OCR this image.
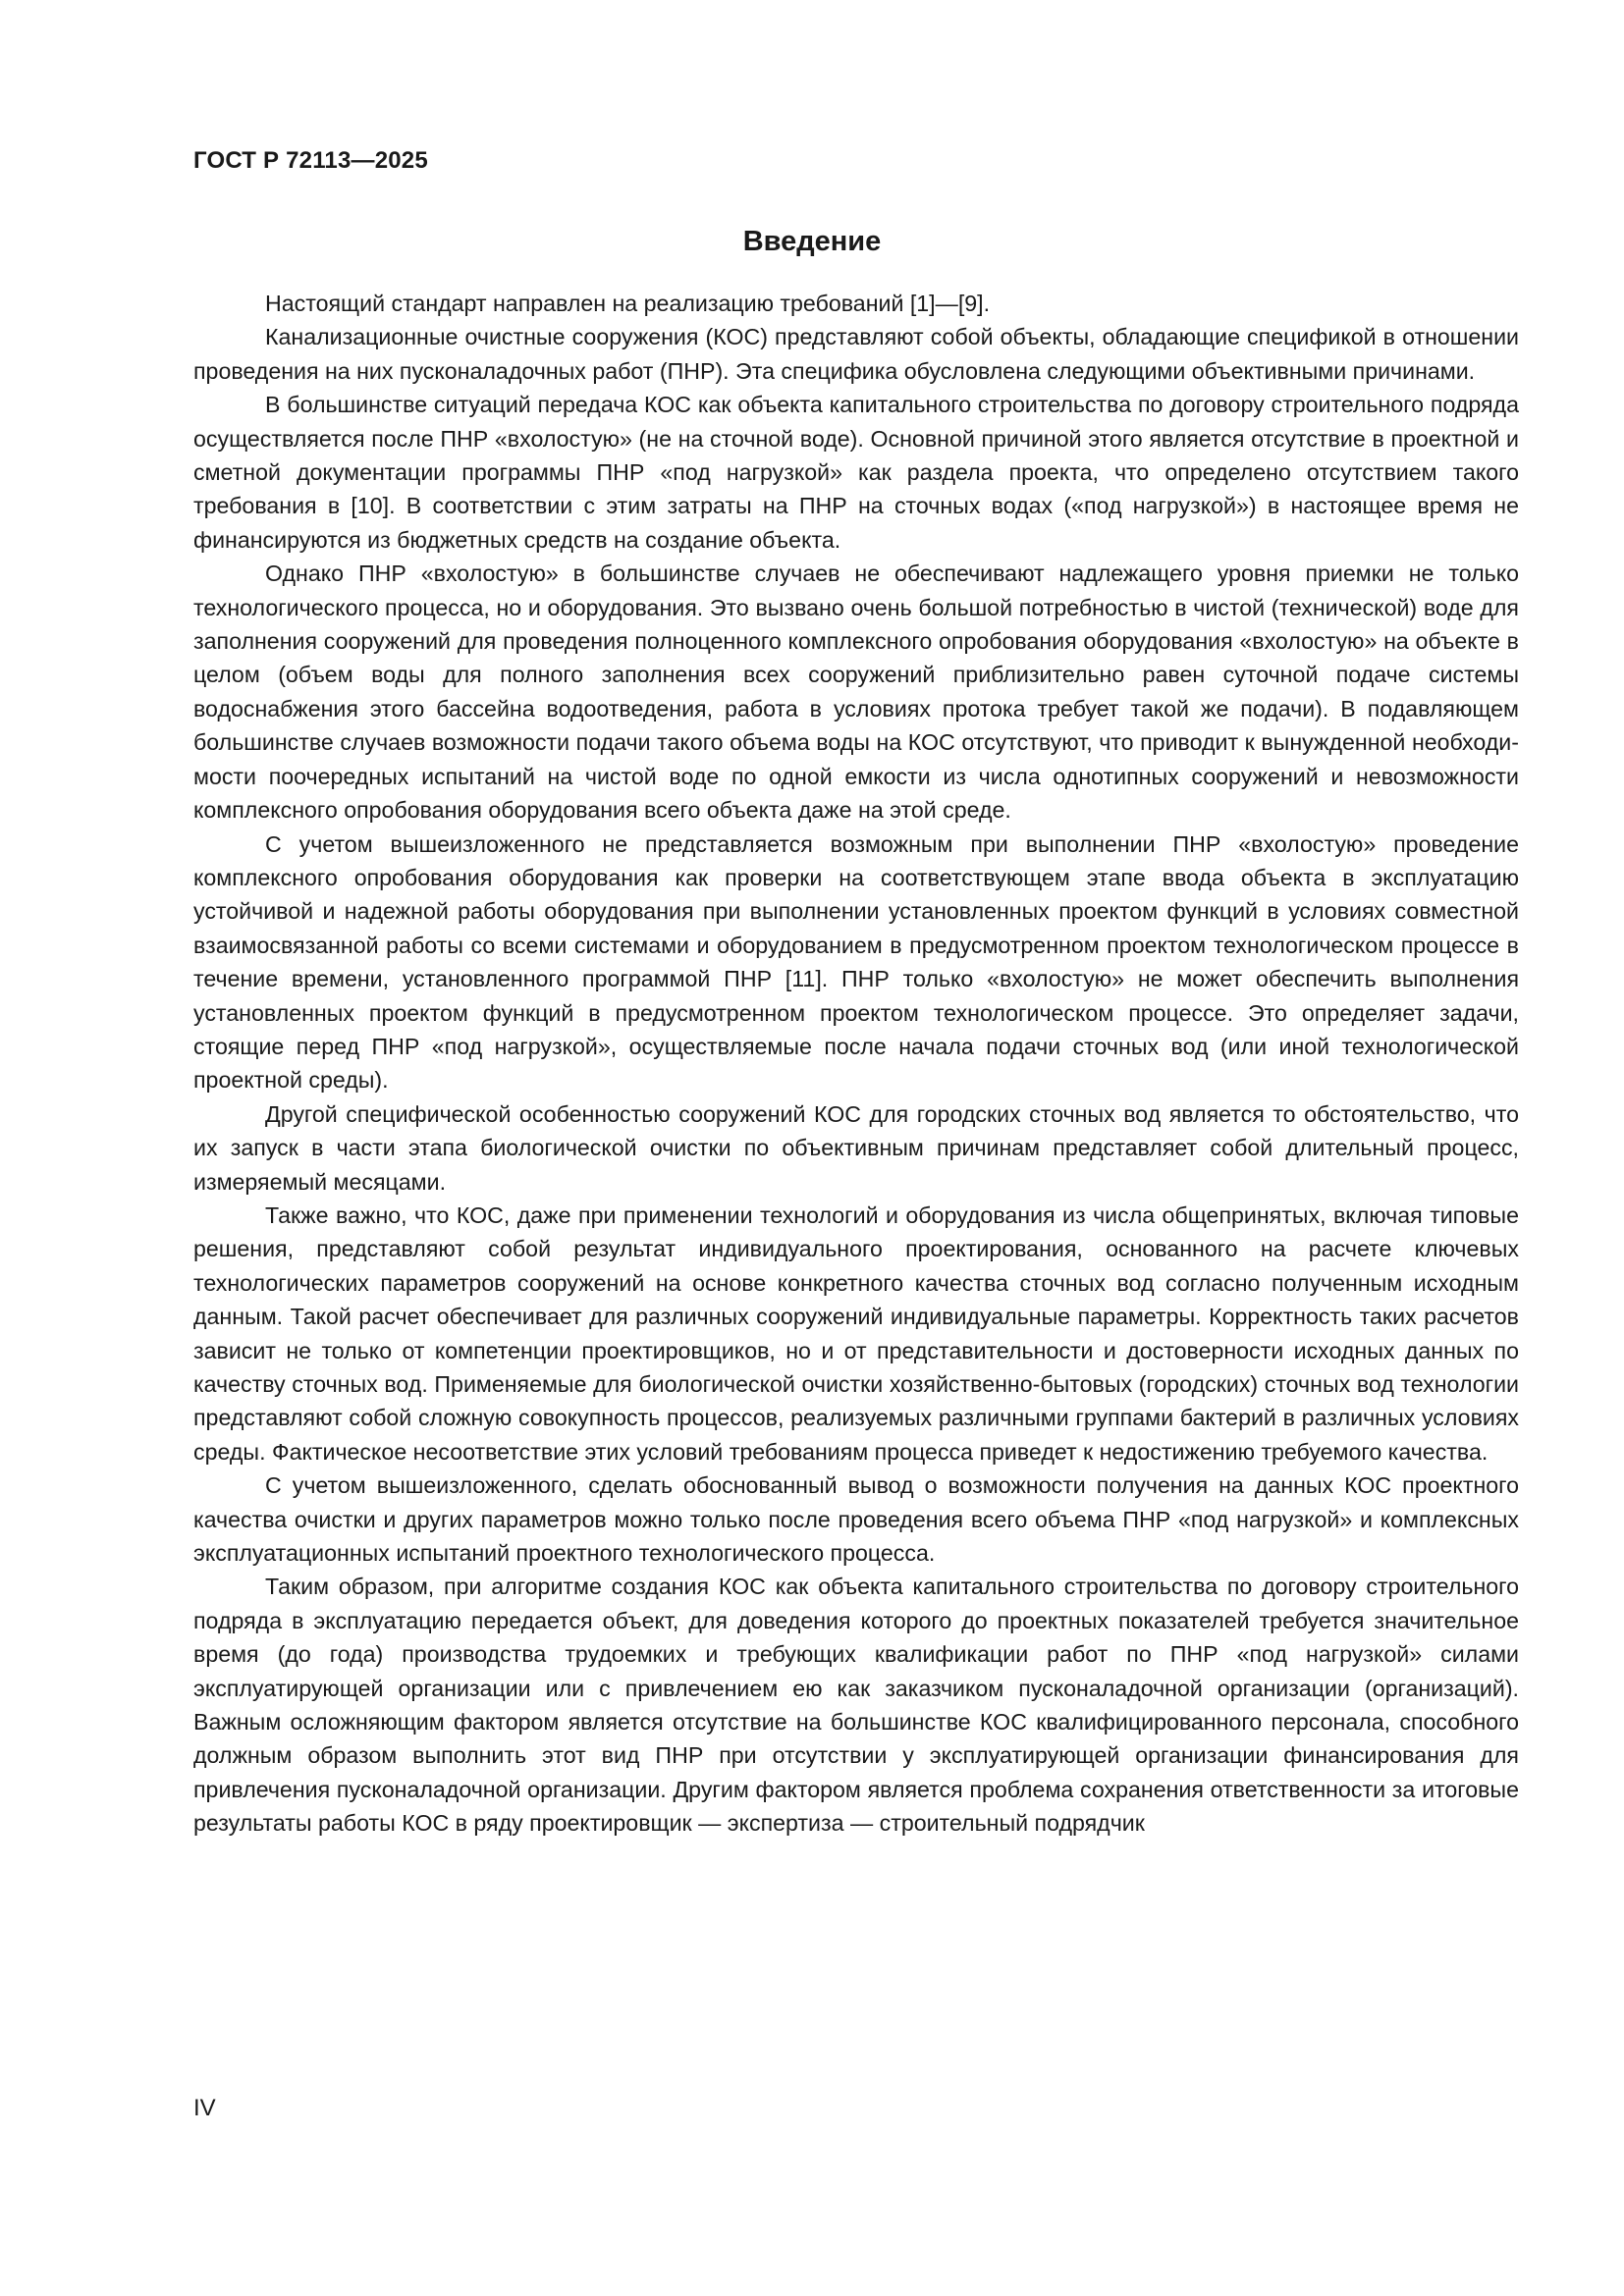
ГОСТ Р 72113—2025
Введение

Настоящий стандарт направлен на реализацию требований [1]—[9].

Канализационные очистные сооружения (КОС) представляют собой объекты, обладающие спецификой в отношении проведения на них пусконаладочных работ (ПНР). Эта специфика обусловлена следующими объективными причинами.

В большинстве ситуаций передача КОС как объекта капитального строительства по договору строительного подряда осуществляется после ПНР «вхолостую» (не на сточной воде). Основной причиной этого является отсутствие в проектной и сметной документации программы ПНР «под нагрузкой» как раздела проекта, что определено отсутствием такого требования в [10]. В соответствии с этим затраты на ПНР на сточных водах («под нагрузкой») в настоящее время не финансируются из бюджетных средств на создание объекта.

Однако ПНР «вхолостую» в большинстве случаев не обеспечивают надлежащего уровня приемки не только технологического процесса, но и оборудования. Это вызвано очень большой потребностью в чистой (технической) воде для заполнения сооружений для проведения полноценного комплексного опробования оборудования «вхолостую» на объекте в целом (объем воды для полного заполнения всех сооружений приблизительно равен суточной подаче системы водоснабжения этого бассейна водоотведения, работа в условиях протока требует такой же подачи). В подавляющем большинстве случаев возможности подачи такого объема воды на КОС отсутствуют, что приводит к вынужденной необходимости поочередных испытаний на чистой воде по одной емкости из числа однотипных сооружений и невозможности комплексного опробования оборудования всего объекта даже на этой среде.

С учетом вышеизложенного не представляется возможным при выполнении ПНР «вхолостую» проведение комплексного опробования оборудования как проверки на соответствующем этапе ввода объекта в эксплуатацию устойчивой и надежной работы оборудования при выполнении установленных проектом функций в условиях совместной взаимосвязанной работы со всеми системами и оборудованием в предусмотренном проектом технологическом процессе в течение времени, установленного программой ПНР [11]. ПНР только «вхолостую» не может обеспечить выполнения установленных проектом функций в предусмотренном проектом технологическом процессе. Это определяет задачи, стоящие перед ПНР «под нагрузкой», осуществляемые после начала подачи сточных вод (или иной технологической проектной среды).

Другой специфической особенностью сооружений КОС для городских сточных вод является то обстоятельство, что их запуск в части этапа биологической очистки по объективным причинам представляет собой длительный процесс, измеряемый месяцами.

Также важно, что КОС, даже при применении технологий и оборудования из числа общепринятых, включая типовые решения, представляют собой результат индивидуального проектирования, основанного на расчете ключевых технологических параметров сооружений на основе конкретного качества сточных вод согласно полученным исходным данным. Такой расчет обеспечивает для различных сооружений индивидуальные параметры. Корректность таких расчетов зависит не только от компетенции проектировщиков, но и от представительности и достоверности исходных данных по качеству сточных вод. Применяемые для биологической очистки хозяйственно-бытовых (городских) сточных вод технологии представляют собой сложную совокупность процессов, реализуемых различными группами бактерий в различных условиях среды. Фактическое несоответствие этих условий требованиям процесса приведет к недостижению требуемого качества.

С учетом вышеизложенного, сделать обоснованный вывод о возможности получения на данных КОС проектного качества очистки и других параметров можно только после проведения всего объема ПНР «под нагрузкой» и комплексных эксплуатационных испытаний проектного технологического процесса.

Таким образом, при алгоритме создания КОС как объекта капитального строительства по договору строительного подряда в эксплуатацию передается объект, для доведения которого до проектных показателей требуется значительное время (до года) производства трудоемких и требующих квалификации работ по ПНР «под нагрузкой» силами эксплуатирующей организации или с привлечением ею как заказчиком пусконаладочной организации (организаций). Важным осложняющим фактором является отсутствие на большинстве КОС квалифицированного персонала, способного должным образом выполнить этот вид ПНР при отсутствии у эксплуатирующей организации финансирования для привлечения пусконаладочной организации. Другим фактором является проблема сохранения ответственности за итоговые результаты работы КОС в ряду проектировщик — экспертиза — строительный подрядчик

IV
